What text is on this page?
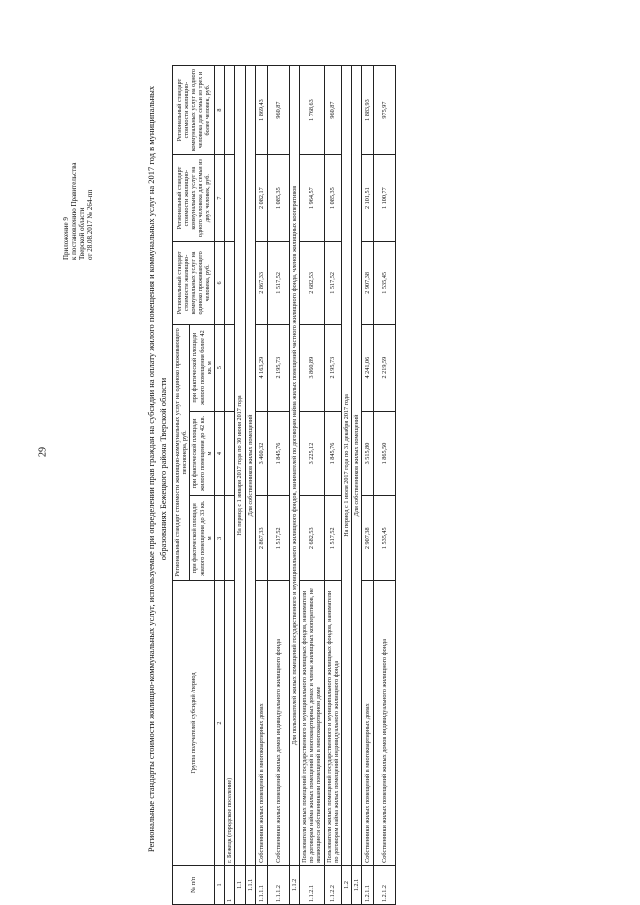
29
Приложение 9 к постановлению Правительства Тверской области от 28.08.2017 № 264-пп	Региональные стандарты стоимости жилищно-коммунальных услуг, используемые при определении прав граждан на субсидии на оплату жилого помещения и коммунальных услуг на 2017 год в муниципальных образованиях Бежецкого района Тверской области
№ п/п	Группа получателей субсидий /период	Региональный стандарт стоимости жилищно-коммунальных услуг на одиноко проживающего пенсионера, руб.			Региональный стандарт стоимости жилищно-коммунальных услуг на одиноко проживающего человека, руб.	Региональный стандарт стоимости жилищно-коммунальных услуг на одного человека для семьи из двух человек, руб.	Региональный стандарт стоимости жилищно-коммунальных услуг на одного человека для семьи из трех и более человек, руб.
		при фактической площади жилого помещения до 33 кв. м	при фактической площади жилого помещения до 42 кв. м	при фактической площади жилого помещения более 42 кв. м			
1	2	3	4	5	6	7	8
1	г. Бежецк (городское поселение)						
1.1	На период с 1 января 2017 года по 30 июня 2017 года						
1.1.1	Для собственников жилых помещений						
1.1.1.1	Собственники жилых помещений в многоквартирных домах	2 867,33	3 460,32	4 163,29	2 867,33	2 082,17	1 869,43
1.1.1.2	Собственники жилых помещений жилых домов индивидуального жилищного фонда	1 517,52	1 845,76	2 195,73	1 517,52	1 085,35	960,87
1.1.2	Для пользователей жилых помещений государственного и муниципального жилищного фондов, нанимателей по договорам найма жилых помещений частного жилищного фонда, членов жилищных кооперативов						
1.1.2.1	Пользователи жилых помещений государственного и муниципального жилищных фондов, наниматели по договорам найма жилых помещений в многоквартирных домах и члены жилищных кооперативов, не являющиеся собственниками помещений в многоквартирном доме	2 682,53	3 225,12	3 860,89	2 682,53	1 964,57	1 768,63
1.1.2.2	Пользователи жилых помещений государственного и муниципального жилищных фондов, наниматели по договорам найма жилых помещений индивидуального жилищного фонда	1 517,52	1 845,76	2 195,73	1 517,52	1 085,35	960,87
1.2	На период с 1 июля 2017 года по 31 декабря 2017 года						
1.2.1	Для собственников жилых помещений						
1.2.1.1	Собственники жилых помещений в многоквартирных домах	2 907,38	3 515,80	4 241,06	2 907,38	2 101,51	1 883,93
1.2.1.2	Собственники жилых помещений жилых домов индивидуального жилищного фонда	1 535,45	1 865,50	2 219,59	1 535,45	1 100,77	975,97
